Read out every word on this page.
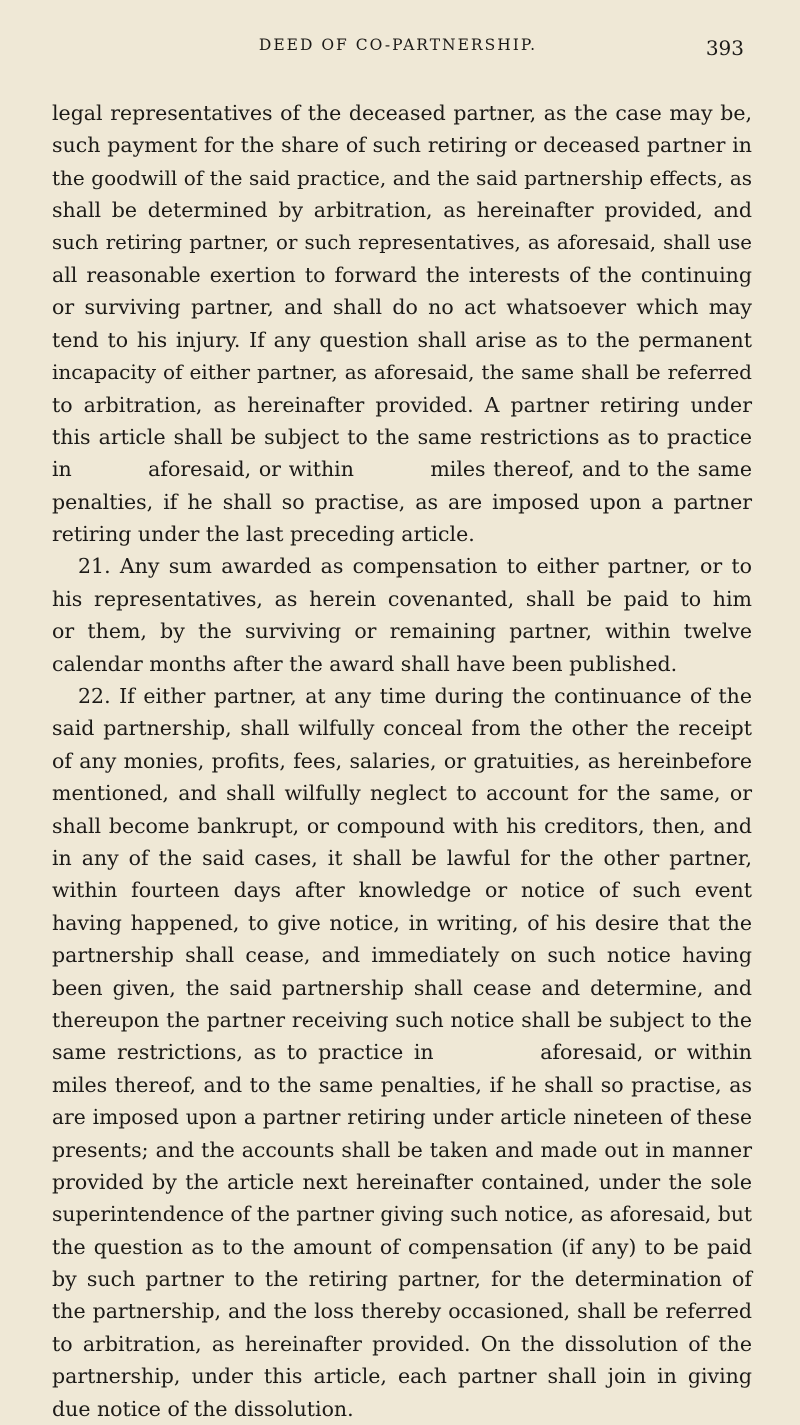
DEED OF CO-PARTNERSHIP.	393
legal representatives of the deceased partner, as the case may be,
such payment for the share of such retiring or deceased partner in
the goodwill of the said practice, and the said partnership effects, as
shall be determined by arbitration, as hereinafter provided, and
such retiring partner, or such representatives, as aforesaid, shall use
all reasonable exertion to forward the interests of the continuing
or surviving partner, and shall do no act whatsoever which may
tend to his injury. If any question shall arise as to the permanent
incapacity of either partner, as aforesaid, the same shall be referred
to arbitration, as hereinafter provided. A partner retiring under
this article shall be subject to the same restrictions as to practice
in          aforesaid, or within          miles thereof, and to the same
penalties, if he shall so practise, as are imposed upon a partner
retiring under the last preceding article.
21. Any sum awarded as compensation to either partner, or to
his representatives, as herein covenanted, shall be paid to him
or them, by the surviving or remaining partner, within twelve
calendar months after the award shall have been published.
22. If either partner, at any time during the continuance of the
said partnership, shall wilfully conceal from the other the receipt
of any monies, profits, fees, salaries, or gratuities, as hereinbefore
mentioned, and shall wilfully neglect to account for the same, or
shall become bankrupt, or compound with his creditors, then, and
in any of the said cases, it shall be lawful for the other partner,
within fourteen days after knowledge or notice of such event
having happened, to give notice, in writing, of his desire that the
partnership shall cease, and immediately on such notice having
been given, the said partnership shall cease and determine, and
thereupon the partner receiving such notice shall be subject to the
same restrictions, as to practice in          aforesaid, or within
miles thereof, and to the same penalties, if he shall so practise, as
are imposed upon a partner retiring under article nineteen of these
presents; and the accounts shall be taken and made out in manner
provided by the article next hereinafter contained, under the sole
superintendence of the partner giving such notice, as aforesaid, but
the question as to the amount of compensation (if any) to be paid
by such partner to the retiring partner, for the determination of
the partnership, and the loss thereby occasioned, shall be referred
to arbitration, as hereinafter provided. On the dissolution of the
partnership, under this article, each partner shall join in giving
due notice of the dissolution.
